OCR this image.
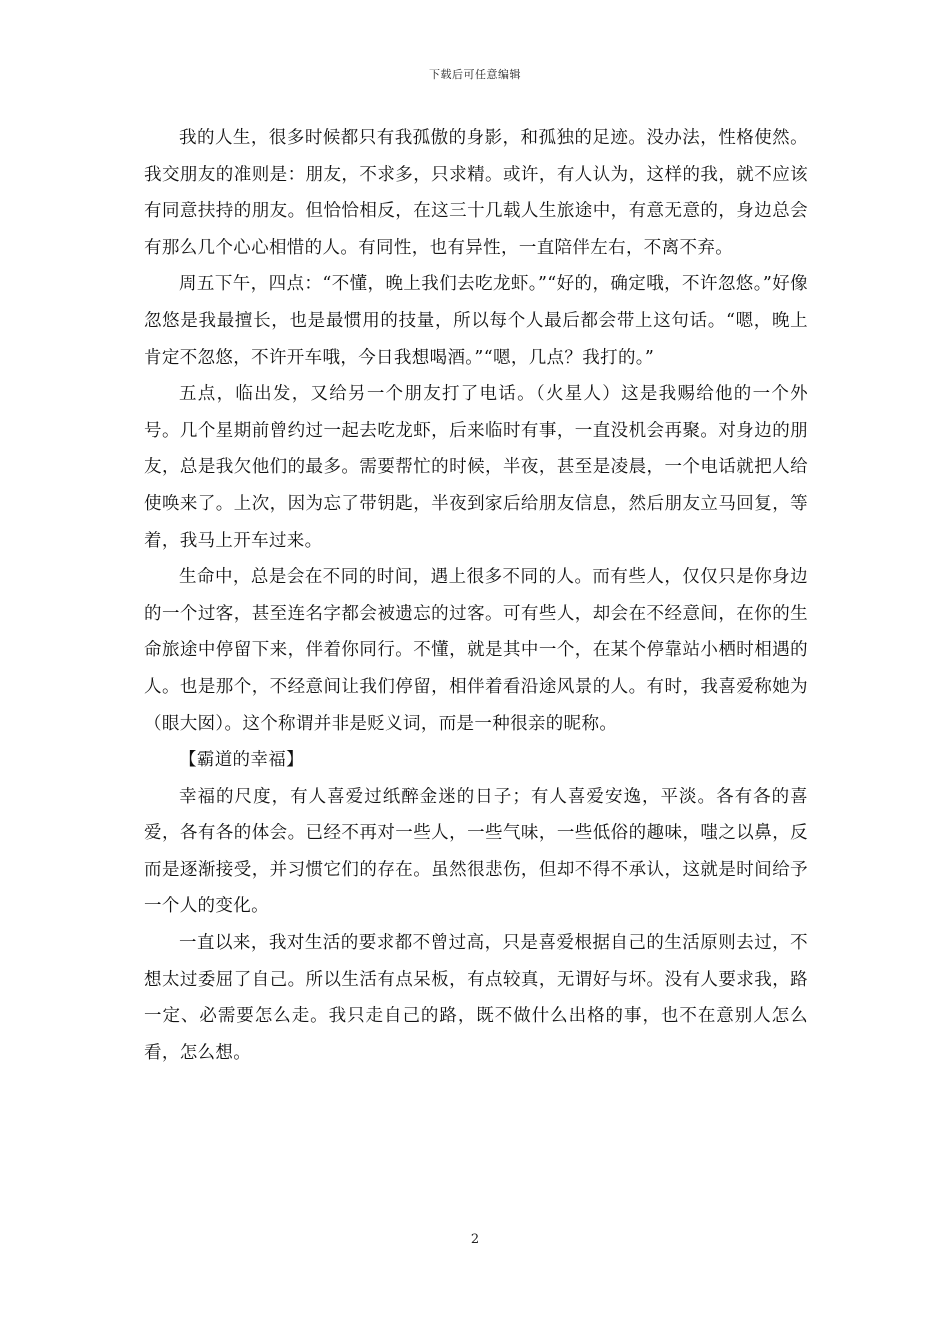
下载后可任意编辑

我的人生，很多时候都只有我孤傲的身影，和孤独的足迹。没办法，性格使然。我交朋友的准则是：朋友，不求多，只求精。或许，有人认为，这样的我，就不应该有同意扶持的朋友。但恰恰相反，在这三十几载人生旅途中，有意无意的，身边总会有那么几个心心相惜的人。有同性，也有异性，一直陪伴左右，不离不弃。

周五下午，四点：“不懂，晚上我们去吃龙虾。”“好的，确定哦，不许忽悠。”好像忽悠是我最擅长，也是最惯用的技量，所以每个人最后都会带上这句话。“嗯，晚上肯定不忽悠，不许开车哦，今日我想喝酒。”“嗯，几点？我打的。”

五点，临出发，又给另一个朋友打了电话。（火星人）这是我赐给他的一个外号。几个星期前曾约过一起去吃龙虾，后来临时有事，一直没机会再聚。对身边的朋友，总是我欠他们的最多。需要帮忙的时候，半夜，甚至是凌晨，一个电话就把人给使唤来了。上次，因为忘了带钥匙，半夜到家后给朋友信息，然后朋友立马回复，等着，我马上开车过来。

生命中，总是会在不同的时间，遇上很多不同的人。而有些人，仅仅只是你身边的一个过客，甚至连名字都会被遗忘的过客。可有些人，却会在不经意间，在你的生命旅途中停留下来，伴着你同行。不懂，就是其中一个，在某个停靠站小栖时相遇的人。也是那个，不经意间让我们停留，相伴着看沿途风景的人。有时，我喜爱称她为（眼大囡）。这个称谓并非是贬义词，而是一种很亲的昵称。

【霸道的幸福】

幸福的尺度，有人喜爱过纸醉金迷的日子；有人喜爱安逸，平淡。各有各的喜爱，各有各的体会。已经不再对一些人，一些气味，一些低俗的趣味，嗤之以鼻，反而是逐渐接受，并习惯它们的存在。虽然很悲伤，但却不得不承认，这就是时间给予一个人的变化。

一直以来，我对生活的要求都不曾过高，只是喜爱根据自己的生活原则去过，不想太过委屈了自己。所以生活有点呆板，有点较真，无谓好与坏。没有人要求我，路一定、必需要怎么走。我只走自己的路，既不做什么出格的事，也不在意别人怎么看，怎么想。

2
